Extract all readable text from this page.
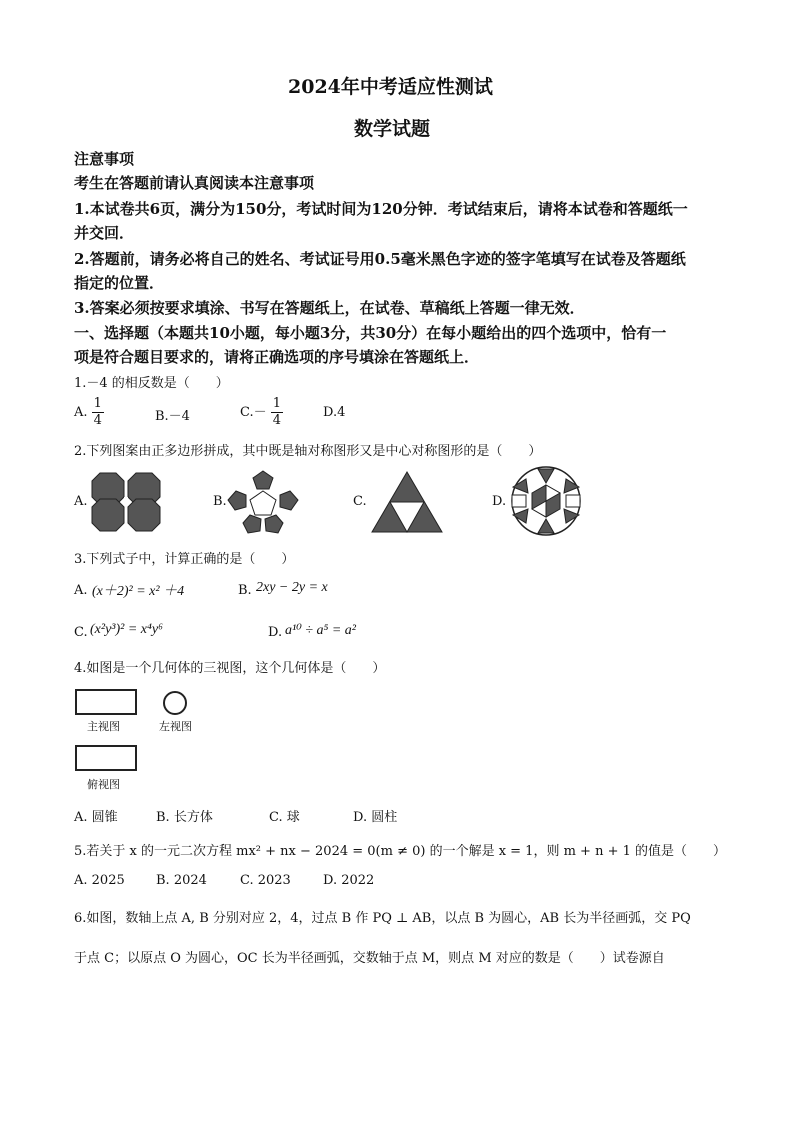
2024年中考适应性测试
数学试题
注意事项
考生在答题前请认真阅读本注意事项
1.本试卷共6页，满分为150分，考试时间为120分钟．考试结束后，请将本试卷和答题纸一
并交回．
2.答题前，请务必将自己的姓名、考试证号用0.5毫米黑色字迹的签字笔填写在试卷及答题纸
指定的位置．
3.答案必须按要求填涂、书写在答题纸上，在试卷、草稿纸上答题一律无效．
一、选择题（本题共10小题，每小题3分，共30分）在每小题给出的四个选项中，恰有一
项是符合题目要求的，请将正确选项的序号填涂在答题纸上．
1.－4 的相反数是（　　）
A. $\frac{1}{4}$	B.－4	$C.- \frac{1}{4}$	D.4
2.下列图案由正多边形拼成，其中既是轴对称图形又是中心对称图形的是（　　）
A.	B.	C.	D.
3.下列式子中，计算正确的是（　　）
A. (x＋2)² = x² ＋4	B. 2xy − 2y = x
C. (x²y³)² = x⁴y⁶	D. a¹⁰ ÷ a⁵ = a²
4.如图是一个几何体的三视图，这个几何体是（　　）
主视图	左视图
俯视图
A. 圆锥	B. 长方体	C. 球	D. 圆柱
5.若关于 x 的一元二次方程 mx² + nx − 2024 = 0(m ≠ 0) 的一个解是 x = 1，则 m + n + 1 的值是（　　）
A. 2025 B. 2024	C. 2023 D. 2022
6.如图，数轴上点 A, B 分别对应 2，4，过点 B 作 PQ ⊥ AB，以点 B 为圆心，AB 长为半径画弧，交 PQ
于点 C；以原点 O 为圆心，OC 长为半径画弧，交数轴于点 M，则点 M 对应的数是（　　）试卷源自
